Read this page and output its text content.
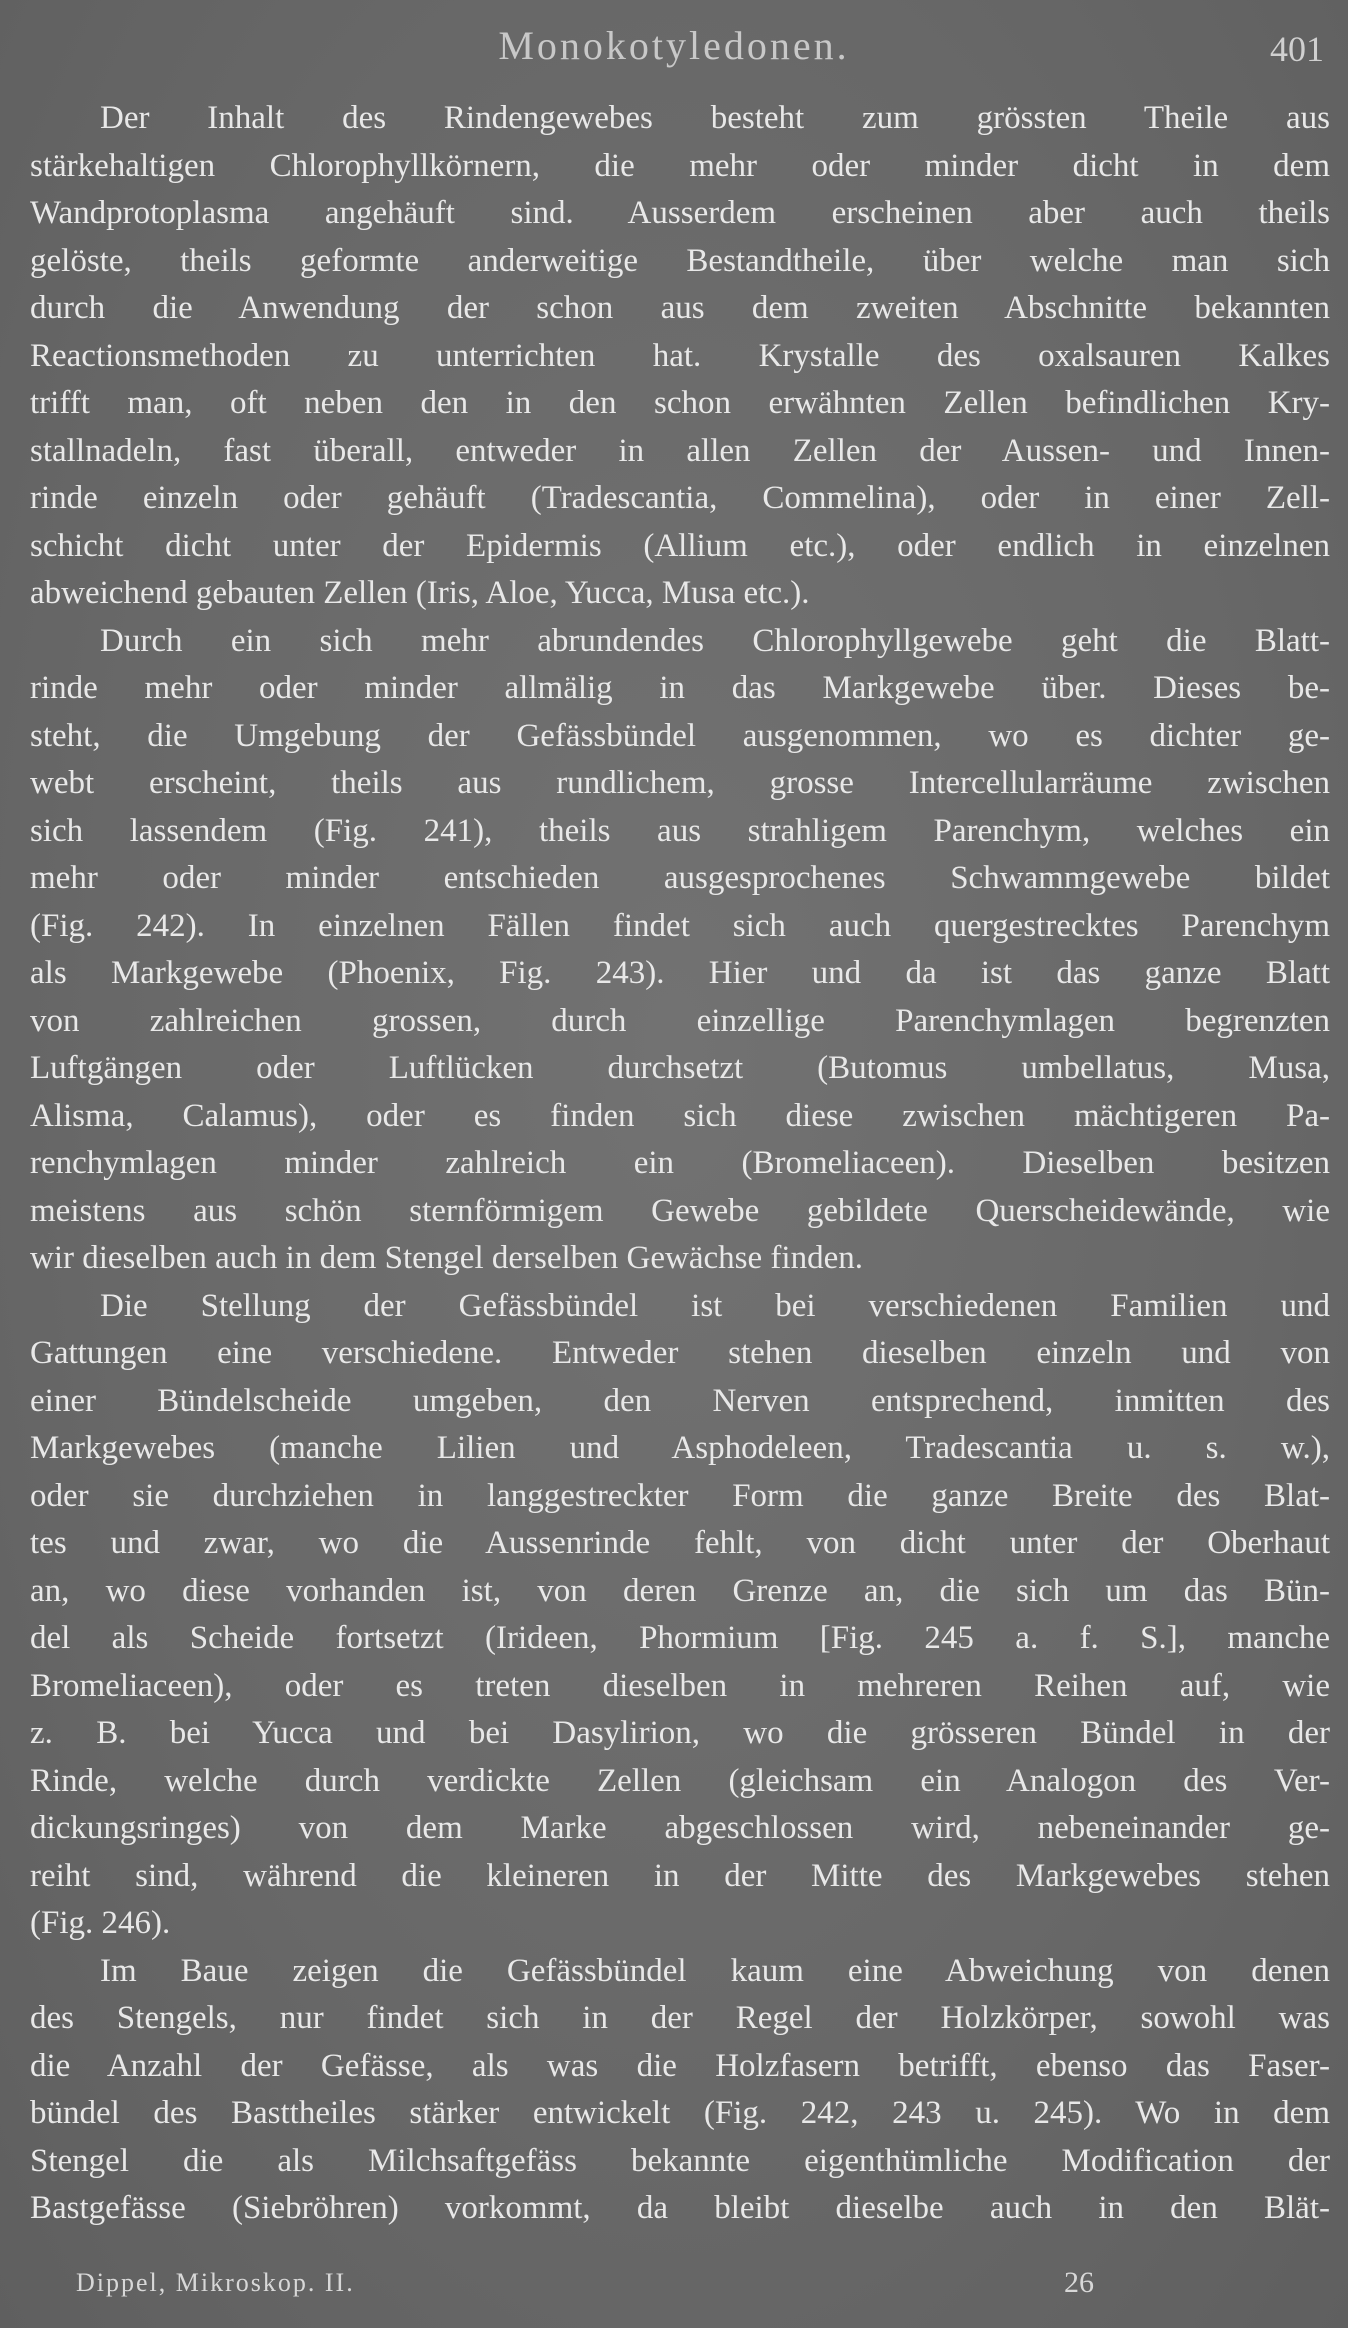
Monokotyledonen.	401
Der Inhalt des Rindengewebes besteht zum grössten Theile aus
stärkehaltigen Chlorophyllkörnern, die mehr oder minder dicht in dem
Wandprotoplasma angehäuft sind. Ausserdem erscheinen aber auch theils
gelöste, theils geformte anderweitige Bestandtheile, über welche man sich
durch die Anwendung der schon aus dem zweiten Abschnitte bekannten
Reactionsmethoden zu unterrichten hat. Krystalle des oxalsauren Kalkes
trifft man, oft neben den in den schon erwähnten Zellen befindlichen Kry-
stallnadeln, fast überall, entweder in allen Zellen der Aussen- und Innen-
rinde einzeln oder gehäuft (Tradescantia, Commelina), oder in einer Zell-
schicht dicht unter der Epidermis (Allium etc.), oder endlich in einzelnen
abweichend gebauten Zellen (Iris, Aloe, Yucca, Musa etc.).
Durch ein sich mehr abrundendes Chlorophyllgewebe geht die Blatt-
rinde mehr oder minder allmälig in das Markgewebe über. Dieses be-
steht, die Umgebung der Gefässbündel ausgenommen, wo es dichter ge-
webt erscheint, theils aus rundlichem, grosse Intercellularräume zwischen
sich lassendem (Fig. 241), theils aus strahligem Parenchym, welches ein
mehr oder minder entschieden ausgesprochenes Schwammgewebe bildet
(Fig. 242). In einzelnen Fällen findet sich auch quergestrecktes Parenchym
als Markgewebe (Phoenix, Fig. 243). Hier und da ist das ganze Blatt
von zahlreichen grossen, durch einzellige Parenchymlagen begrenzten
Luftgängen oder Luftlücken durchsetzt (Butomus umbellatus, Musa,
Alisma, Calamus), oder es finden sich diese zwischen mächtigeren Pa-
renchymlagen minder zahlreich ein (Bromeliaceen). Dieselben besitzen
meistens aus schön sternförmigem Gewebe gebildete Querscheidewände, wie
wir dieselben auch in dem Stengel derselben Gewächse finden.
Die Stellung der Gefässbündel ist bei verschiedenen Familien und
Gattungen eine verschiedene. Entweder stehen dieselben einzeln und von
einer Bündelscheide umgeben, den Nerven entsprechend, inmitten des
Markgewebes (manche Lilien und Asphodeleen, Tradescantia u. s. w.),
oder sie durchziehen in langgestreckter Form die ganze Breite des Blat-
tes und zwar, wo die Aussenrinde fehlt, von dicht unter der Oberhaut
an, wo diese vorhanden ist, von deren Grenze an, die sich um das Bün-
del als Scheide fortsetzt (Irideen, Phormium [Fig. 245 a. f. S.], manche
Bromeliaceen), oder es treten dieselben in mehreren Reihen auf, wie
z. B. bei Yucca und bei Dasylirion, wo die grösseren Bündel in der
Rinde, welche durch verdickte Zellen (gleichsam ein Analogon des Ver-
dickungsringes) von dem Marke abgeschlossen wird, nebeneinander ge-
reiht sind, während die kleineren in der Mitte des Markgewebes stehen
(Fig. 246).
Im Baue zeigen die Gefässbündel kaum eine Abweichung von denen
des Stengels, nur findet sich in der Regel der Holzkörper, sowohl was
die Anzahl der Gefässe, als was die Holzfasern betrifft, ebenso das Faser-
bündel des Basttheiles stärker entwickelt (Fig. 242, 243 u. 245). Wo in dem
Stengel die als Milchsaftgefäss bekannte eigenthümliche Modification der
Bastgefässe (Siebröhren) vorkommt, da bleibt dieselbe auch in den Blät-
Dippel, Mikroskop. II.	26
